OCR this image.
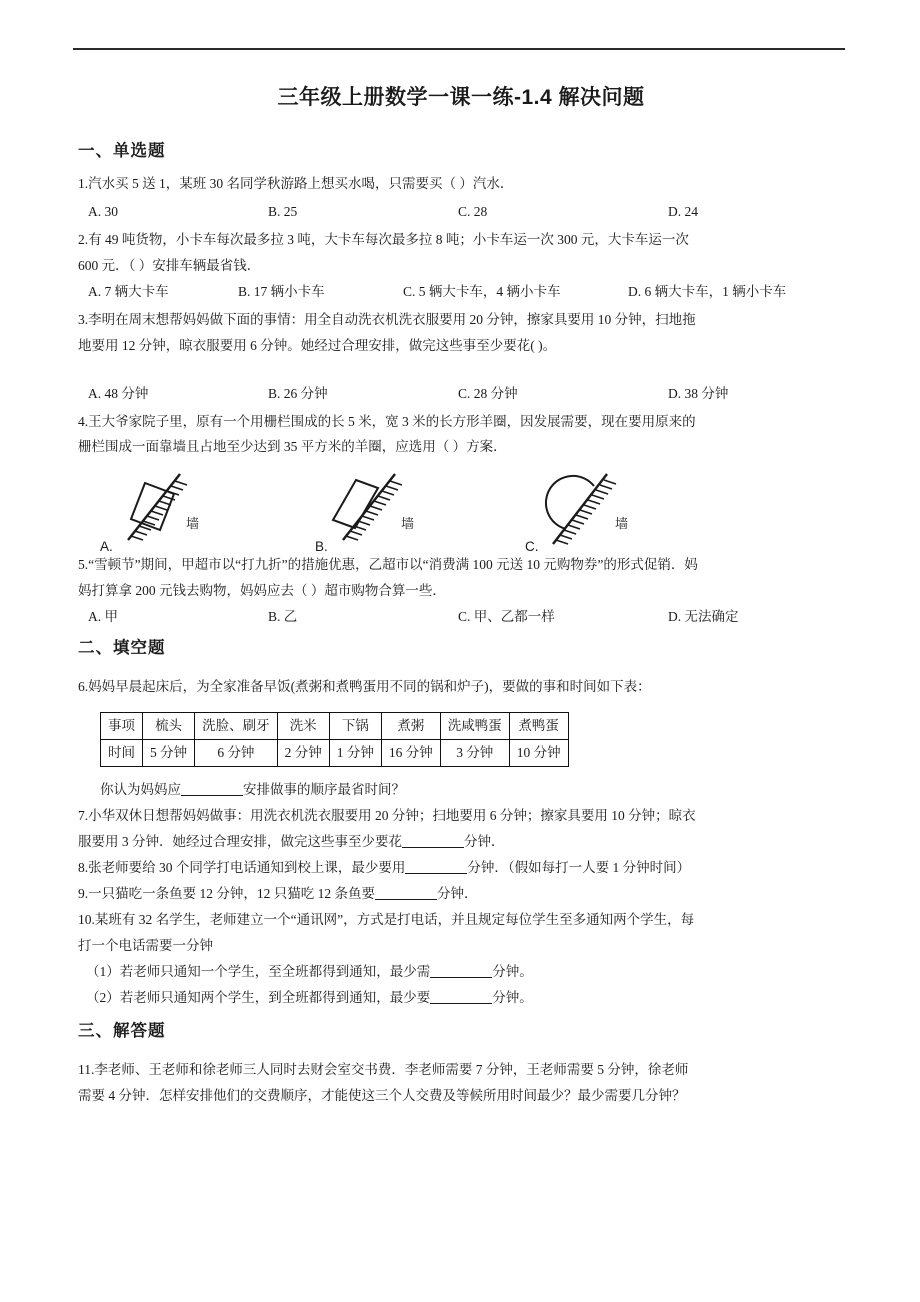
三年级上册数学一课一练-1.4 解决问题
一、单选题

1.汽水买 5 送 1，某班 30 名同学秋游路上想买水喝，只需要买（ ）汽水．

A. 30	B. 25	C. 28	D. 24

2.有 49 吨货物，小卡车每次最多拉 3 吨，大卡车每次最多拉 8 吨；小卡车运一次 300 元，大卡车运一次

600 元．（ ）安排车辆最省钱．

A. 7 辆大卡车	B. 17 辆小卡车	C. 5 辆大卡车，4 辆小卡车	D. 6 辆大卡车，1 辆小卡车

3.李明在周末想帮妈妈做下面的事情：用全自动洗衣机洗衣服要用 20 分钟，擦家具要用 10 分钟，扫地拖

地要用 12 分钟，晾衣服要用 6 分钟。她经过合理安排，做完这些事至少要花( )。

A. 48 分钟	B. 26 分钟	C. 28 分钟	D. 38 分钟

4.王大爷家院子里，原有一个用栅栏围成的长 5 米，宽 3 米的长方形羊圈，因发展需要，现在要用原来的

栅栏围成一面靠墙且占地至少达到 35 平方米的羊圈，应选用（ ）方案．

墙
A.
墙
B.
墙
C.

5.“雪顿节”期间，甲超市以“打九折”的措施优惠，乙超市以“消费满 100 元送 10 元购物券”的形式促销．妈

妈打算拿 200 元钱去购物，妈妈应去（ ）超市购物合算一些．

A. 甲	B. 乙	C. 甲、乙都一样	D. 无法确定
二、填空题

6.妈妈早晨起床后，为全家准备早饭(煮粥和煮鸭蛋用不同的锅和炉子)，要做的事和时间如下表：

事项	梳头	洗脸、刷牙	洗米	下锅	煮粥	洗咸鸭蛋	煮鸭蛋
时间	5 分钟	6 分钟	2 分钟	1 分钟	16 分钟	3 分钟	10 分钟

你认为妈妈应	安排做事的顺序最省时间？

7.小华双休日想帮妈妈做事：用洗衣机洗衣服要用 20 分钟；扫地要用 6 分钟；擦家具要用 10 分钟；晾衣

服要用 3 分钟．她经过合理安排，做完这些事至少要花	分钟．

8.张老师要给 30 个同学打电话通知到校上课，最少要用	分钟．（假如每打一人要 1 分钟时间）

9.一只猫吃一条鱼要 12 分钟，12 只猫吃 12 条鱼要	分钟．

10.某班有 32 名学生，老师建立一个“通讯网”，方式是打电话，并且规定每位学生至多通知两个学生，每

打一个电话需要一分钟

（1）若老师只通知一个学生，至全班都得到通知，最少需	分钟。

（2）若老师只通知两个学生，到全班都得到通知，最少要	分钟。

三、解答题

11.李老师、王老师和徐老师三人同时去财会室交书费．李老师需要 7 分钟，王老师需要 5 分钟，徐老师

需要 4 分钟．怎样安排他们的交费顺序，才能使这三个人交费及等候所用时间最少？最少需要几分钟？
